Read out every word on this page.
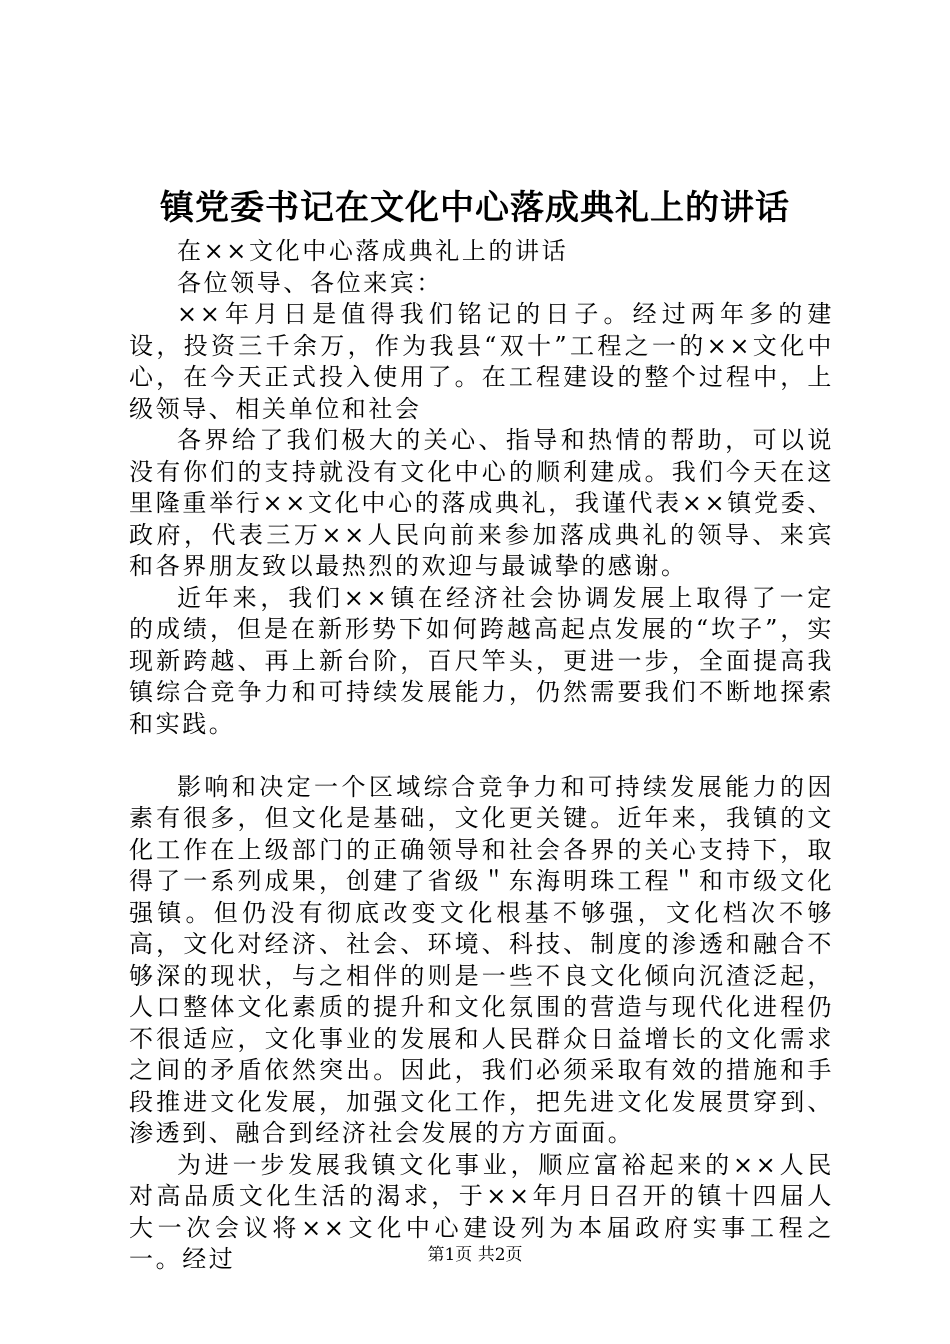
镇党委书记在文化中心落成典礼上的讲话

在××文化中心落成典礼上的讲话

各位领导、各位来宾：

××年月日是值得我们铭记的日子。经过两年多的建设，投资三千余万，作为我县“双十”工程之一的××文化中心，在今天正式投入使用了。在工程建设的整个过程中，上级领导、相关单位和社会

各界给了我们极大的关心、指导和热情的帮助，可以说没有你们的支持就没有文化中心的顺利建成。我们今天在这里隆重举行××文化中心的落成典礼，我谨代表××镇党委、政府，代表三万××人民向前来参加落成典礼的领导、来宾和各界朋友致以最热烈的欢迎与最诚挚的感谢。

近年来，我们××镇在经济社会协调发展上取得了一定的成绩，但是在新形势下如何跨越高起点发展的“坎子”，实现新跨越、再上新台阶，百尺竿头，更进一步，全面提高我镇综合竞争力和可持续发展能力，仍然需要我们不断地探索和实践。

影响和决定一个区域综合竞争力和可持续发展能力的因素有很多，但文化是基础，文化更关键。近年来，我镇的文化工作在上级部门的正确领导和社会各界的关心支持下，取得了一系列成果，创建了省级＂东海明珠工程＂和市级文化强镇。但仍没有彻底改变文化根基不够强，文化档次不够高，文化对经济、社会、环境、科技、制度的渗透和融合不够深的现状，与之相伴的则是一些不良文化倾向沉渣泛起，人口整体文化素质的提升和文化氛围的营造与现代化进程仍不很适应，文化事业的发展和人民群众日益增长的文化需求之间的矛盾依然突出。因此，我们必须采取有效的措施和手段推进文化发展，加强文化工作，把先进文化发展贯穿到、渗透到、融合到经济社会发展的方方面面。

为进一步发展我镇文化事业，顺应富裕起来的××人民对高品质文化生活的渴求，于××年月日召开的镇十四届人大一次会议将××文化中心建设列为本届政府实事工程之一。经过	第1页 共2页
